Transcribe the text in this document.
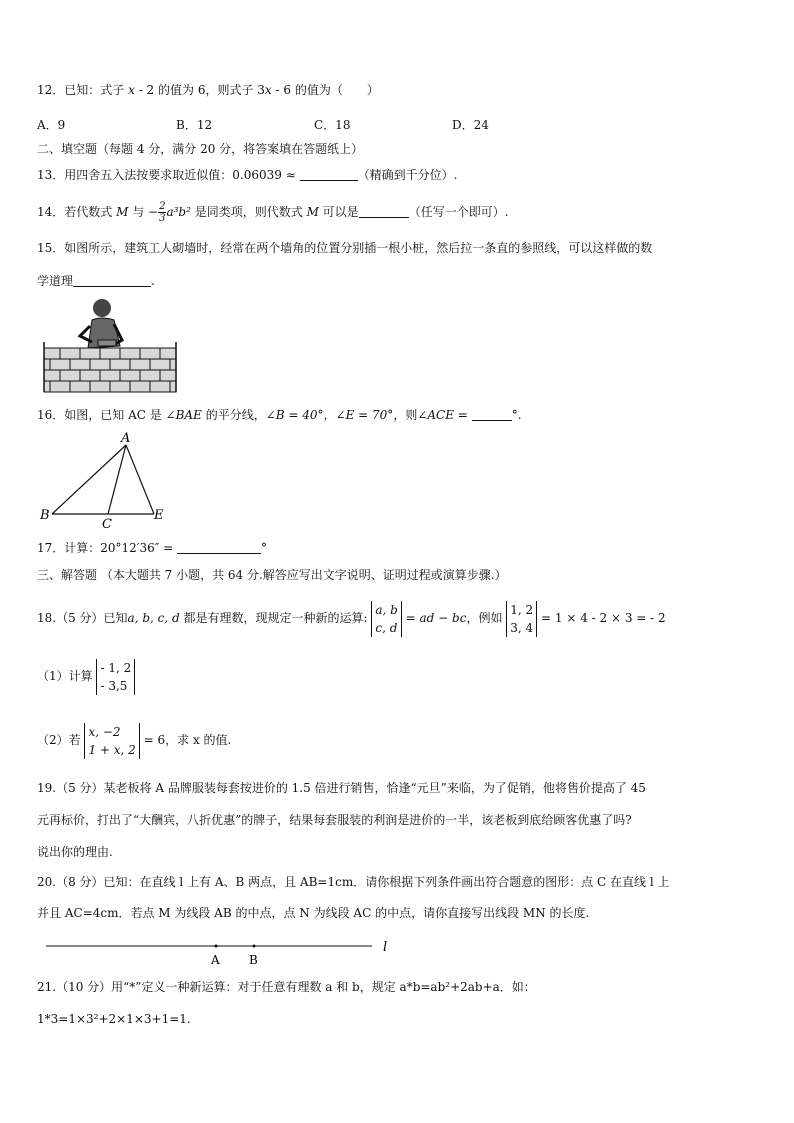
12．已知：式子 x - 2 的值为 6，则式子 3x - 6 的值为（　　）
A．9	B．12	C．18	D．24
二、填空题（每题 4 分，满分 20 分，将答案填在答题纸上）
13．用四舍五入法按要求取近似值：0.06039 ≈	（精确到千分位）.
14．若代数式 M 与 − $\frac{2}{3} a^3b^2$ 是同类项，则代数式 M 可以是	（任写一个即可）.
15．如图所示，建筑工人砌墙时，经常在两个墙角的位置分别插一根小桩，然后拉一条直的参照线，可以这样做的数
学道理	.
16．如图，已知 AC 是 ∠BAE 的平分线，∠B = 40°，∠E = 70°，则∠ACE =	°.
A
B
C
E
17．计算：20°12′36″ =	°
三、解答题 （本大题共 7 小题，共 64 分.解答应写出文字说明、证明过程或演算步骤.）
18.（5 分）已知a, b, c, d 都是有理数，现规定一种新的运算:
a, b
c, d
= ad − bc，例如
1, 2
3, 4
= 1 × 4 - 2 × 3 = - 2
（1）计算
- 1, 2
- 3,5
（2）若
x, −2
1 + x, 2
= 6，求 x 的值.
19.（5 分）某老板将 A 品牌服装每套按进价的 1.5 倍进行销售，恰逢“元旦”来临，为了促销，他将售价提高了 45
元再标价，打出了“大酬宾，八折优惠”的牌子，结果每套服装的利润是进价的一半，该老板到底给顾客优惠了吗?
说出你的理由.
20.（8 分）已知：在直线 l 上有 A、B 两点，且 AB=1cm．请你根据下列条件画出符合题意的图形：点 C 在直线 l 上
并且 AC=4cm．若点 M 为线段 AB 的中点，点 N 为线段 AC 的中点，请你直接写出线段 MN 的长度.
A B
l
21.（10 分）用“*”定义一种新运算：对于任意有理数 a 和 b，规定 a*b=ab²+2ab+a．如：
1*3=1×3²+2×1×3+1=1.
